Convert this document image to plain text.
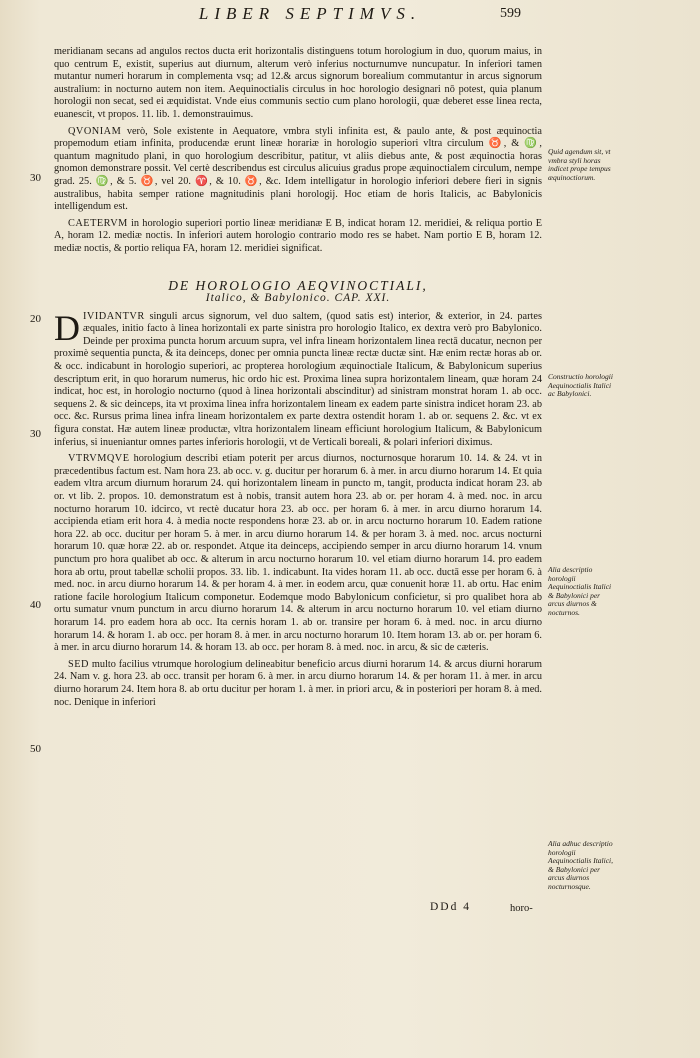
LIBER SEPTIMVS.	599
30
20
30
40
50

meridianam secans ad angulos rectos ducta erit horizontalis distinguens totum horologium in duo, quorum maius, in quo centrum E, existit, superius aut diurnum, alterum verò inferius nocturnumve nuncupatur. In inferiori tamen mutantur numeri horarum in complementa vsq; ad 12.& arcus signorum borealium commutantur in arcus signorum australium: in nocturno autem non item. Aequinoctialis circulus in hoc horologio designari nō potest, quia planum horologii non secat, sed ei æquidistat. Vnde eius communis sectio cum plano horologii, quæ deberet esse linea recta, euanescit, vt propos. 11. lib. 1. demonstrauimus.

QVONIAM verò, Sole existente in Aequatore, vmbra styli infinita est, & paulo ante, & post æquinoctia propemodum etiam infinita, producendæ erunt lineæ horariæ in horologio superiori vltra circulum ♉, & ♍, quantum magnitudo plani, in quo horologium describitur, patitur, vt aliis diebus ante, & post æquinoctia horas gnomon demonstrare possit. Vel certè describendus est circulus alicuius gradus prope æquinoctialem circulum, nempe grad. 25. ♍, & 5. ♉, vel 20. ♈, & 10. ♉, &c. Idem intelligatur in horologio inferiori debere fieri in signis australibus, habita semper ratione magnitudinis plani horologij. Hoc etiam de horis Italicis, ac Babylonicis intelligendum est.

CAETERVM in horologio superiori portio lineæ meridianæ E B, indicat horam 12. meridiei, & reliqua portio E A, horam 12. mediæ noctis. In inferiori autem horologio contrario modo res se habet. Nam portio E B, horam 12. mediæ noctis, & portio reliqua FA, horam 12. meridiei significat.

DE HOROLOGIO AEQVINOCTIALI,
Italico, & Babylonico. CAP. XXI.

DIVIDANTVR singuli arcus signorum, vel duo saltem, (quod satis est) interior, & exterior, in 24. partes æquales, initio facto à linea horizontali ex parte sinistra pro horologio Italico, ex dextra verò pro Babylonico. Deinde per proxima puncta horum arcuum supra, vel infra lineam horizontalem linea rectā ducatur, necnon per proximè sequentia puncta, & ita deinceps, donec per omnia puncta lineæ rectæ ductæ sint. Hæ enim rectæ horas ab or. & occ. indicabunt in horologio superiori, ac propterea horologium æquinoctiale Italicum, & Babylonicum superius descriptum erit, in quo horarum numerus, hic ordo hic est. Proxima linea supra horizontalem lineam, quæ horam 24 indicat, hoc est, in horologio nocturno (quod à linea horizontali abscinditur) ad sinistram monstrat horam 1. ab occ. sequens 2. & sic deinceps, ita vt proxima linea infra horizontalem lineam ex eadem parte sinistra indicet horam 23. ab occ. &c. Rursus prima linea infra lineam horizontalem ex parte dextra ostendit horam 1. ab or. sequens 2. &c. vt ex figura constat. Hæ autem lineæ productæ, vltra horizontalem lineam efficiunt horologium Italicum, & Babylonicum inferius, si inueniantur omnes partes inferioris horologii, vt de Verticali boreali, & polari inferiori diximus.

VTRVMQVE horologium describi etiam poterit per arcus diurnos, nocturnosque horarum 10. 14. & 24. vt in præcedentibus factum est. Nam hora 23. ab occ. v. g. ducitur per horarum 6. à mer. in arcu diurno horarum 14. Et quia eadem vltra arcum diurnum horarum 24. qui horizontalem lineam in puncto m, tangit, producta indicat horam 23. ab or. vt lib. 2. propos. 10. demonstratum est à nobis, transit autem hora 23. ab or. per horam 4. à med. noc. in arcu nocturno horarum 10. idcirco, vt rectè ducatur hora 23. ab occ. per horam 6. à mer. in arcu diurno horarum 14. accipienda etiam erit hora 4. à media nocte respondens horæ 23. ab or. in arcu nocturno horarum 10. Eadem ratione hora 22. ab occ. ducitur per horam 5. à mer. in arcu diurno horarum 14. & per horam 3. à med. noc. arcus nocturni horarum 10. quæ horæ 22. ab or. respondet. Atque ita deinceps, accipiendo semper in arcu diurno horarum 14. vnum punctum pro hora qualibet ab occ. & alterum in arcu nocturno horarum 10. vel etiam diurno horarum 14. pro eadem hora ab ortu, prout tabellæ scholii propos. 33. lib. 1. indicabunt. Ita vides horam 11. ab occ. ductā esse per horam 6. à med. noc. in arcu diurno horarum 14. & per horam 4. à mer. in eodem arcu, quæ conuenit horæ 11. ab ortu. Hac enim ratione facile horologium Italicum componetur. Eodemque modo Babylonicum conficietur, si pro qualibet hora ab ortu sumatur vnum punctum in arcu diurno horarum 14. & alterum in arcu nocturno horarum 10. vel etiam diurno horarum 14. pro eadem hora ab occ. Ita cernis horam 1. ab or. transire per horam 6. à med. noc. in arcu diurno horarum 14. & horam 1. ab occ. per horam 8. à mer. in arcu nocturno horarum 10. Item horam 13. ab or. per horam 6. à mer. in arcu diurno horarum 14. & horam 13. ab occ. per horam 8. à med. noc. in arcu, & sic de cæteris.

SED multo facilius vtrumque horologium delineabitur beneficio arcus diurni horarum 14. & arcus diurni horarum 24. Nam v. g. hora 23. ab occ. transit per horam 6. à mer. in arcu diurno horarum 14. & per horam 11. à mer. in arcu diurno horarum 24. Item hora 8. ab ortu ducitur per horam 1. à mer. in priori arcu, & in posteriori per horam 8. à med. noc. Denique in inferiori

Quid agendum sit, vt vmbra styli horas indicet prope tempus æquinoctiorum.
Constructio horologii Aequinoctialis Italici ac Babylonici.
Alia descriptio horologii Aequinoctialis Italici & Babylonici per arcus diurnos & nocturnos.
Alia adhuc descriptio horologii Aequinoctialis Italici, & Babylonici per arcus diurnos nocturnosque.
DDd 4	horo-
